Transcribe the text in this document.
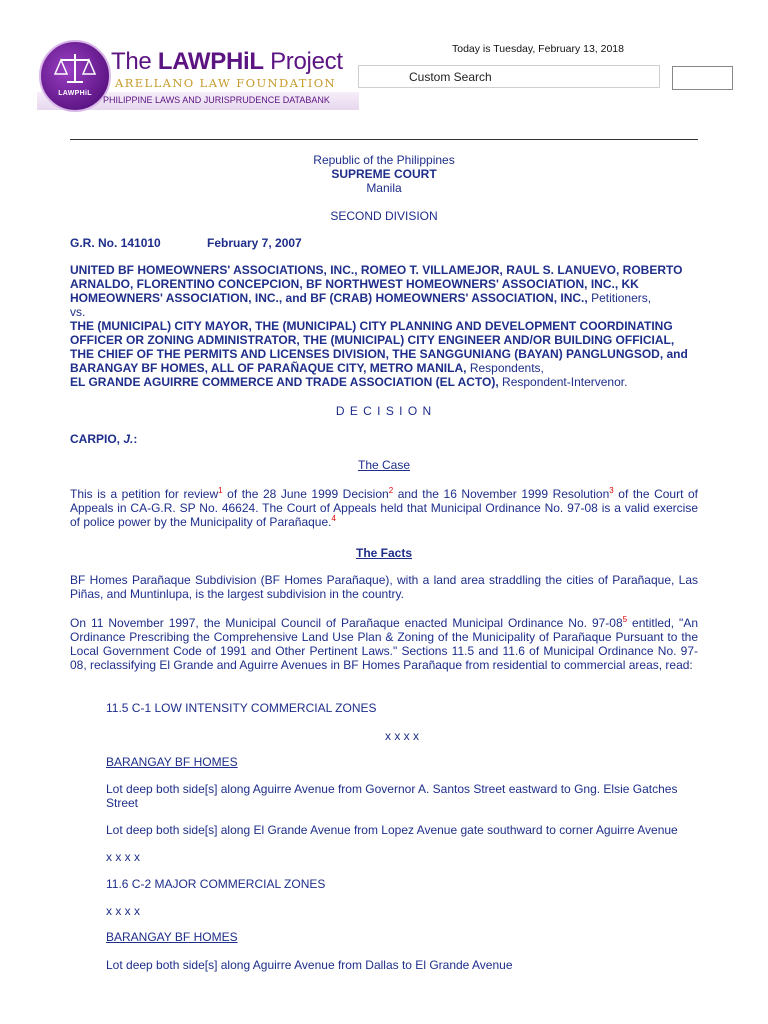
LAWPHiL
The LAWPHiL Project
ARELLANO LAW FOUNDATION
PHILIPPINE LAWS AND JURISPRUDENCE DATABANK
Today is Tuesday, February 13, 2018
Custom Search
Republic of the Philippines
SUPREME COURT
Manila
SECOND DIVISION
G.R. No. 141010	February 7, 2007
UNITED BF HOMEOWNERS' ASSOCIATIONS, INC., ROMEO T. VILLAMEJOR, RAUL S. LANUEVO, ROBERTO ARNALDO, FLORENTINO CONCEPCION, BF NORTHWEST HOMEOWNERS' ASSOCIATION, INC., KK HOMEOWNERS' ASSOCIATION, INC., and BF (CRAB) HOMEOWNERS' ASSOCIATION, INC., Petitioners,
vs.
THE (MUNICIPAL) CITY MAYOR, THE (MUNICIPAL) CITY PLANNING AND DEVELOPMENT COORDINATING OFFICER OR ZONING ADMINISTRATOR, THE (MUNICIPAL) CITY ENGINEER AND/OR BUILDING OFFICIAL, THE CHIEF OF THE PERMITS AND LICENSES DIVISION, THE SANGGUNIANG (BAYAN) PANGLUNGSOD, and BARANGAY BF HOMES, ALL OF PARAÑAQUE CITY, METRO MANILA, Respondents,
EL GRANDE AGUIRRE COMMERCE AND TRADE ASSOCIATION (EL ACTO), Respondent-Intervenor.
D E C I S I O N
CARPIO, J.:
The Case
This is a petition for review$^1$ of the 28 June 1999 Decision$^2$ and the 16 November 1999 Resolution$^3$ of the Court of Appeals in CA-G.R. SP No. 46624. The Court of Appeals held that Municipal Ordinance No. 97-08 is a valid exercise of police power by the Municipality of Parañaque.$^4$
The Facts
BF Homes Parañaque Subdivision (BF Homes Parañaque), with a land area straddling the cities of Parañaque, Las Piñas, and Muntinlupa, is the largest subdivision in the country.
On 11 November 1997, the Municipal Council of Parañaque enacted Municipal Ordinance No. 97-08$^5$ entitled, "An Ordinance Prescribing the Comprehensive Land Use Plan & Zoning of the Municipality of Parañaque Pursuant to the Local Government Code of 1991 and Other Pertinent Laws." Sections 11.5 and 11.6 of Municipal Ordinance No. 97-08, reclassifying El Grande and Aguirre Avenues in BF Homes Parañaque from residential to commercial areas, read:
11.5 C-1 LOW INTENSITY COMMERCIAL ZONES
x x x x
BARANGAY BF HOMES
Lot deep both side[s] along Aguirre Avenue from Governor A. Santos Street eastward to Gng. Elsie Gatches Street
Lot deep both side[s] along El Grande Avenue from Lopez Avenue gate southward to corner Aguirre Avenue
x x x x
11.6 C-2 MAJOR COMMERCIAL ZONES
x x x x
BARANGAY BF HOMES
Lot deep both side[s] along Aguirre Avenue from Dallas to El Grande Avenue
